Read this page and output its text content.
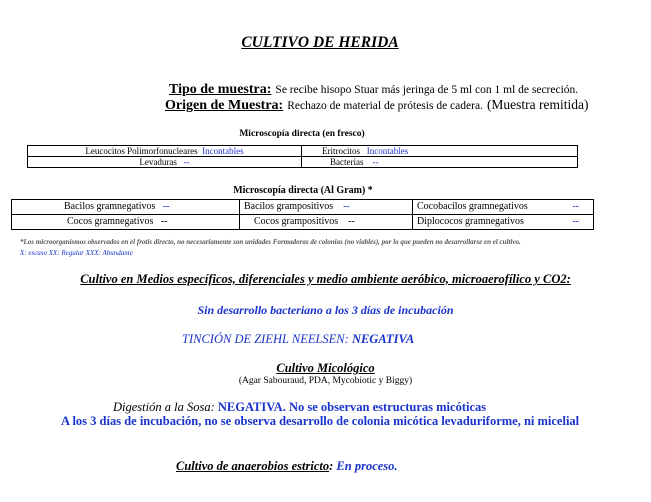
CULTIVO DE HERIDA
Tipo de muestra: Se recibe hisopo Stuar más jeringa de 5 ml con 1 ml de secreción.
Origen de Muestra: Rechazo de material de prótesis de cadera. (Muestra remitida)
Microscopía directa (en fresco)
Leucocitos Polimorfonucleares Incontables	Eritrocitos Incontables
Levaduras --	Bacterias --
Microscopía directa (Al Gram) *
Bacilos gramnegativos --	Bacilos grampositivos --	Cocobacilos gramnegativos --

Cocos gramnegativos --	Cocos grampositivos --	Diplococos gramnegativos --
*Los microorganismos observados en el frotis directo, no necesariamente son unidades Formadoras de colonias (no viables), por lo que pueden no desarrollarse en el cultivo.
X: escaso XX: Regular XXX: Abundante
Cultivo en Medios específicos, diferenciales y medio ambiente aeróbico, microaerofílico y CO2:
Sin desarrollo bacteriano a los 3 días de incubación
TINCIÓN DE ZIEHL NEELSEN: NEGATIVA
Cultivo Micológico
(Agar Sabouraud, PDA, Mycobiotic y Biggy)
Digestión a la Sosa: NEGATIVA. No se observan estructuras micóticas
A los 3 días de incubación, no se observa desarrollo de colonia micótica levaduriforme, ni micelial
Cultivo de anaerobios estricto: En proceso.
